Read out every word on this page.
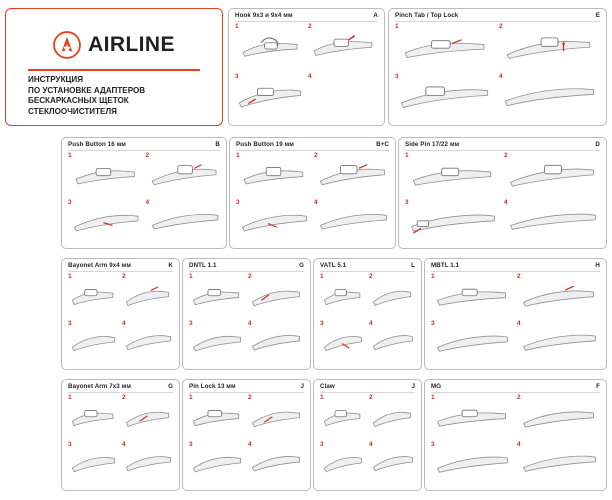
AIRLINE
ИНСТРУКЦИЯ
ПО УСТАНОВКЕ АДАПТЕРОВ
БЕСКАРКАСНЫХ ЩЕТОК
СТЕКЛООЧИСТИТЕЛЯ
Hook 9x3 и 9x4 мм	A
1	2
3	4
Pinch Tab / Top Lock	E
1	2
3	4
Push Button 16 мм	B
1	2
3	4
Push Button 19 мм	B+C
1	2
3	4
Side Pin 17/22 мм	D
1	2
3	4
Bayonet Arm 9х4 мм	K
1	2
3	4
DNTL 1.1	G
1	2
3	4
VATL 5.1	L
1	2
3	4
MBTL 1.1	H
1	2
3	4
Bayonet Arm 7х3 мм	G
1	2
3	4
Pin Lock 13 мм	J
1	2
3	4
Claw	J
1	2
3	4
MG	F
1	2
3	4
